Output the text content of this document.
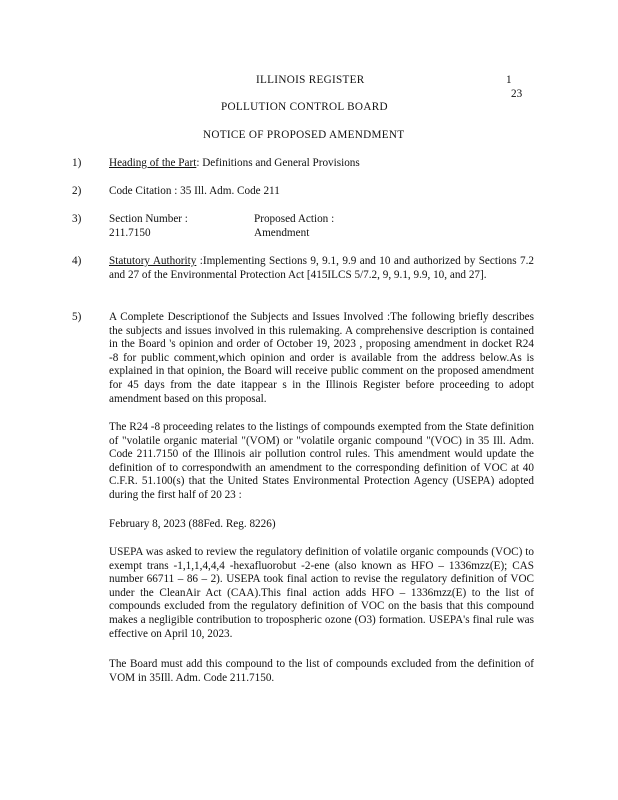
ILLINOIS REGISTER	1
23
POLLUTION CONTROL BOARD
NOTICE OF PROPOSED AMENDMENT
1) Heading of the Part: Definitions and General Provisions
2) Code Citation : 35 Ill. Adm. Code 211
3) Section Number :
211.7150
Proposed Action :
Amendment
4) Statutory Authority :Implementing Sections 9, 9.1, 9.9 and 10 and authorized by Sections 7.2 and 27 of the Environmental Protection Act [415ILCS 5/7.2, 9, 9.1, 9.9, 10, and 27].
5) A Complete Descriptionof the Subjects and Issues Involved :The following briefly describes the subjects and issues involved in this rulemaking. A comprehensive description is contained in the Board 's opinion and order of October 19, 2023 , proposing amendment in docket R24 -8 for public comment,which opinion and order is available from the address below.As is explained in that opinion, the Board will receive public comment on the proposed amendment for 45 days from the date itappear s in the Illinois Register before proceeding to adopt amendment based on this proposal.
The R24 -8 proceeding relates to the listings of compounds exempted from the State definition of "volatile organic material "(VOM) or "volatile organic compound "(VOC) in 35 Ill. Adm. Code 211.7150 of the Illinois air pollution control rules. This amendment would update the definition of to correspondwith an amendment to the corresponding definition of VOC at 40 C.F.R. 51.100(s) that the United States Environmental Protection Agency (USEPA) adopted during the first half of 20 23 :
February 8, 2023 (88Fed. Reg. 8226)
USEPA was asked to review the regulatory definition of volatile organic compounds (VOC) to exempt trans -1,1,1,4,4,4 -hexafluorobut -2-ene (also known as HFO – 1336mzz(E); CAS number 66711 – 86 – 2). USEPA took final action to revise the regulatory definition of VOC under the CleanAir Act (CAA).This final action adds HFO – 1336mzz(E) to the list of compounds excluded from the regulatory definition of VOC on the basis that this compound makes a negligible contribution to tropospheric ozone (O3) formation. USEPA's final rule was effective on April 10, 2023.
The Board must add this compound to the list of compounds excluded from the definition of VOM in 35Ill. Adm. Code 211.7150.
